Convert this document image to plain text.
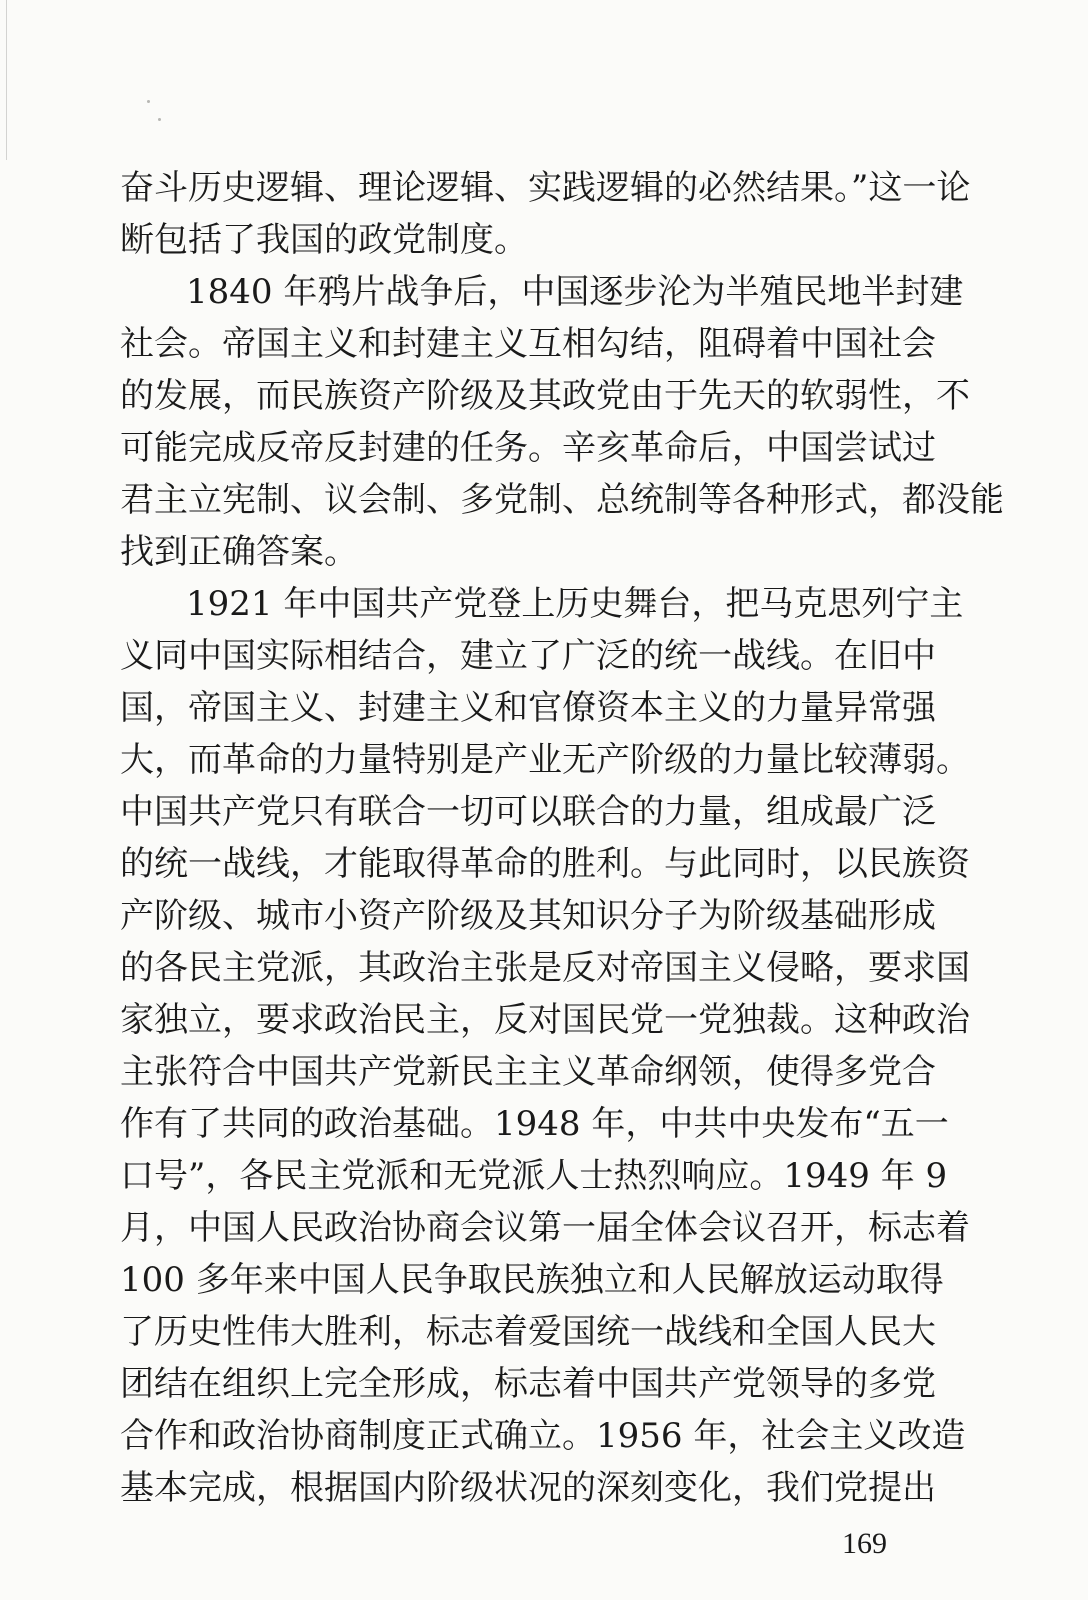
奋斗历史逻辑、理论逻辑、实践逻辑的必然结果。”这一论
断包括了我国的政党制度。
1840 年鸦片战争后，中国逐步沦为半殖民地半封建
社会。帝国主义和封建主义互相勾结，阻碍着中国社会
的发展，而民族资产阶级及其政党由于先天的软弱性，不
可能完成反帝反封建的任务。辛亥革命后，中国尝试过
君主立宪制、议会制、多党制、总统制等各种形式，都没能
找到正确答案。
1921 年中国共产党登上历史舞台，把马克思列宁主
义同中国实际相结合，建立了广泛的统一战线。在旧中
国，帝国主义、封建主义和官僚资本主义的力量异常强
大，而革命的力量特别是产业无产阶级的力量比较薄弱。
中国共产党只有联合一切可以联合的力量，组成最广泛
的统一战线，才能取得革命的胜利。与此同时，以民族资
产阶级、城市小资产阶级及其知识分子为阶级基础形成
的各民主党派，其政治主张是反对帝国主义侵略，要求国
家独立，要求政治民主，反对国民党一党独裁。这种政治
主张符合中国共产党新民主主义革命纲领，使得多党合
作有了共同的政治基础。1948 年，中共中央发布“五一
口号”，各民主党派和无党派人士热烈响应。1949 年 9
月，中国人民政治协商会议第一届全体会议召开，标志着
100 多年来中国人民争取民族独立和人民解放运动取得
了历史性伟大胜利，标志着爱国统一战线和全国人民大
团结在组织上完全形成，标志着中国共产党领导的多党
合作和政治协商制度正式确立。1956 年，社会主义改造
基本完成，根据国内阶级状况的深刻变化，我们党提出
169
